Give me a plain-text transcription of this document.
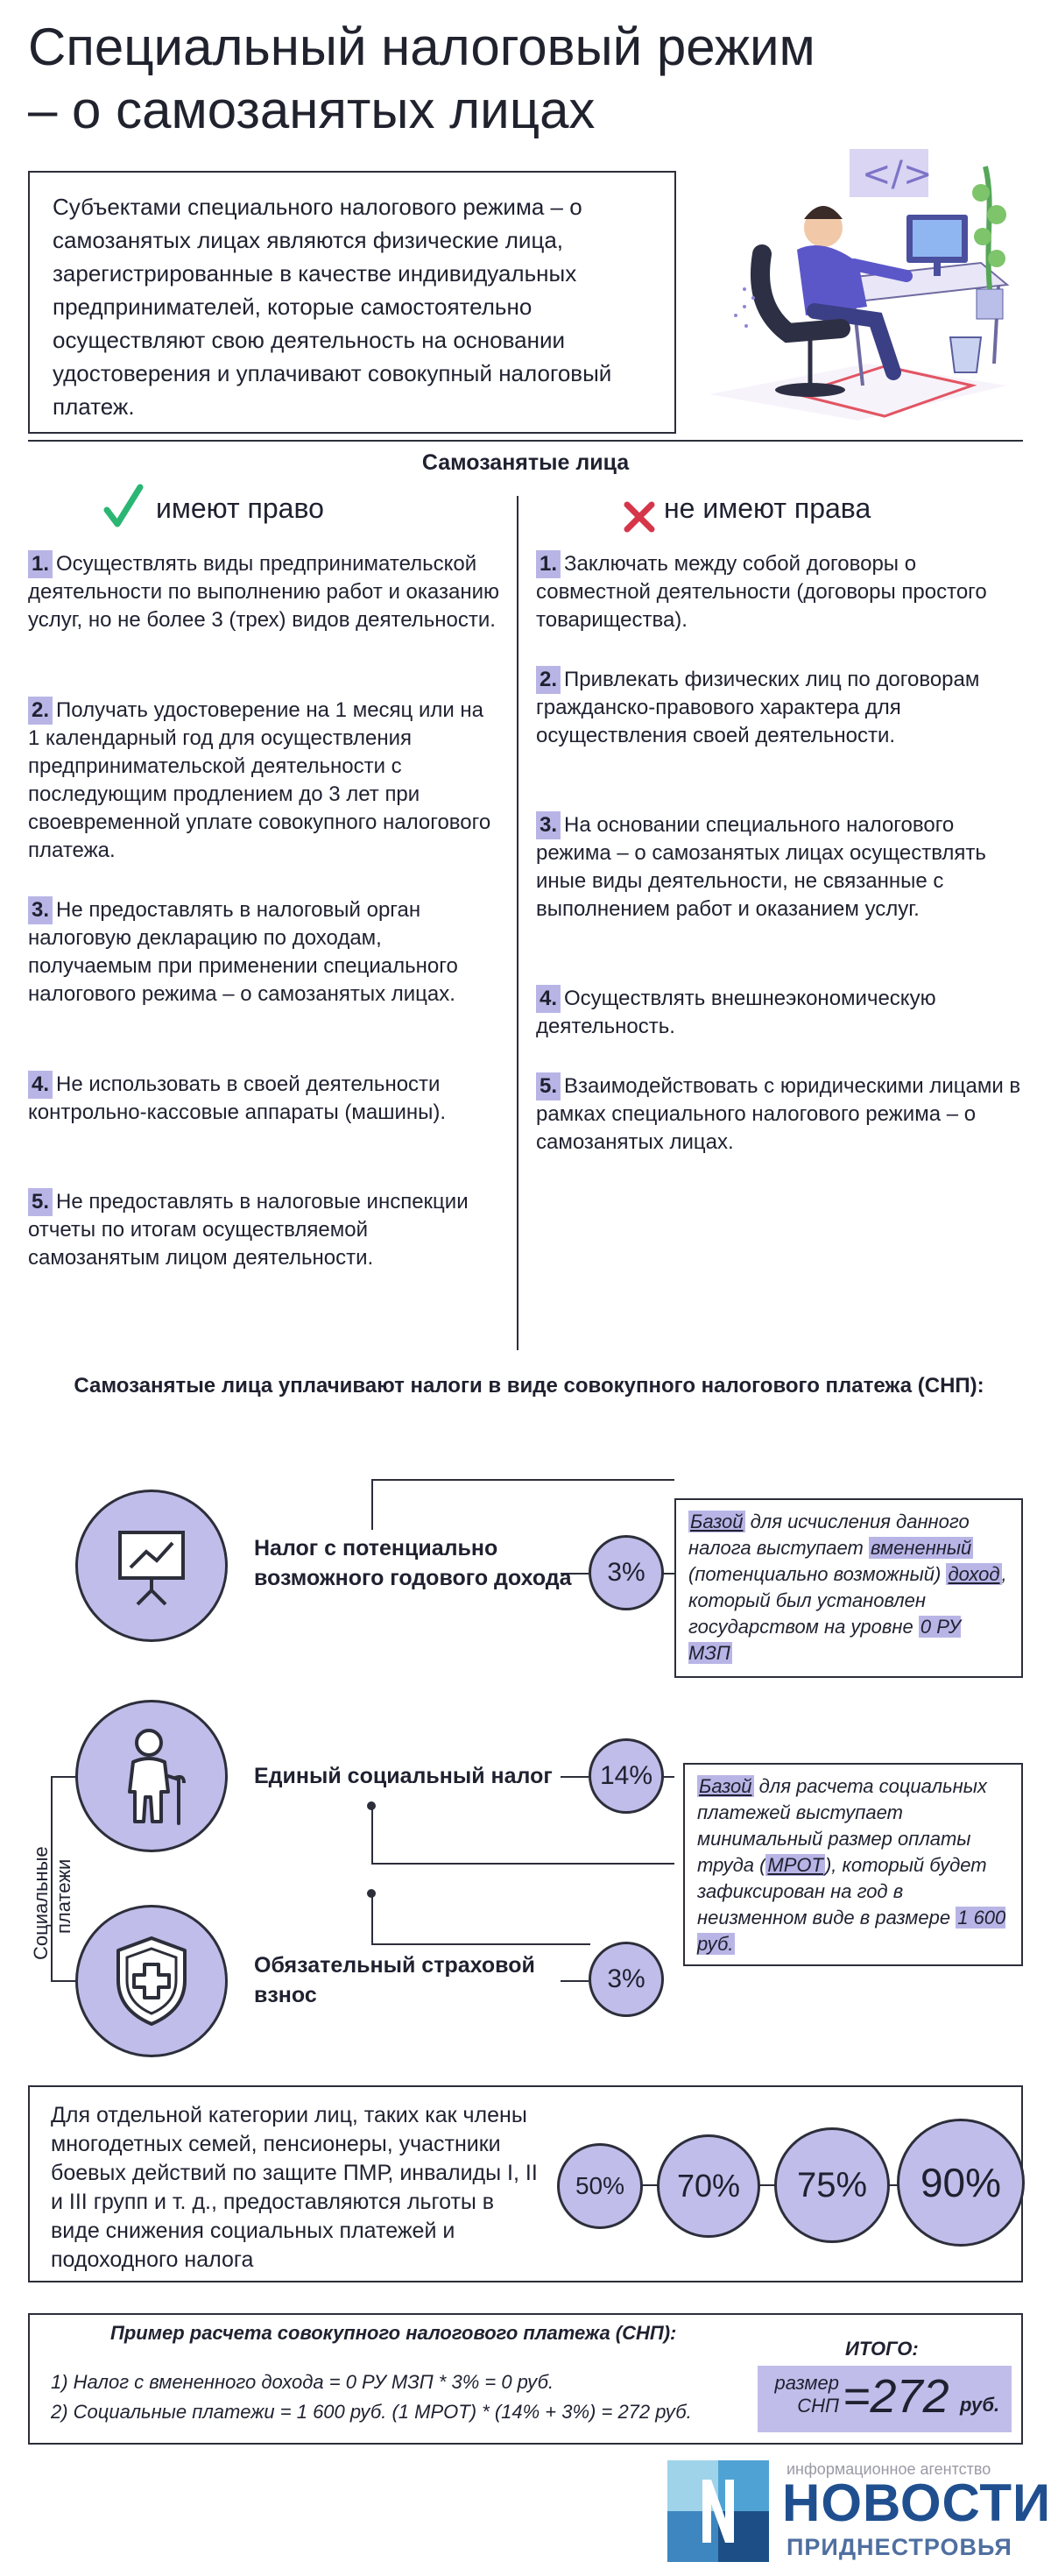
Специальный налоговый режим
– о самозанятых лицах
Субъектами специального налогового режима – о самозанятых лицах являются физические лица, зарегистрированные в качестве индивидуальных предпринимателей, которые самостоятельно осуществляют свою деятельность на основании удостоверения и уплачивают совокупный налоговый платеж.
</>
Самозанятые лица
имеют право	не имеют права
1. Осуществлять виды предпринимательской деятельности по выполнению работ и оказанию услуг, но не более 3 (трех) видов деятельности.
2. Получать удостоверение на 1 месяц или на 1 календарный год для осуществления предпринимательской деятельности с последующим продлением до 3 лет при своевременной уплате совокупного налогового платежа.
3. Не предоставлять в налоговый орган налоговую декларацию по доходам, получаемым при применении специального налогового режима – о самозанятых лицах.
4. Не использовать в своей деятельности контрольно-кассовые аппараты (машины).
5. Не предоставлять в налоговые инспекции отчеты по итогам осуществляемой самозанятым лицом деятельности.
1. Заключать между собой договоры о совместной деятельности (договоры простого товарищества).
2. Привлекать физических лиц по договорам гражданско-правового характера для осуществления своей деятельности.
3. На основании специального налогового режима – о самозанятых лицах осуществлять иные виды деятельности, не связанные с выполнением работ и оказанием услуг.
4. Осуществлять внешнеэкономическую деятельность.
5. Взаимодействовать с юридическими лицами в рамках специального налогового режима – о самозанятых лицах.
Самозанятые лица уплачивают налоги в виде совокупного налогового платежа (СНП):
Социальные платежи
Налог с потенциально возможного годового дохода	3%
Базой для исчисления данного налога выступает вмененный (потенциально возможный) доход, который был установлен государством на уровне 0 РУ МЗП
Единый социальный налог	14%	Базой для расчета социальных платежей выступает минимальный размер оплаты труда (МРОТ), который будет зафиксирован на год в неизменном виде в размере 1 600 руб.
Обязательный страховой взнос
3%
Для отдельной категории лиц, таких как члены многодетных семей, пенсионеры, участники боевых действий по защите ПМР, инвалиды I, II и III групп и т. д., предоставляются льготы в виде снижения социальных платежей и подоходного налога
50%	70%	75%	90%
Пример расчета совокупного налогового платежа (СНП):
1) Налог с вмененного дохода = 0 РУ МЗП * 3% = 0 руб.
2) Социальные платежи = 1 600 руб. (1 МРОТ) * (14% + 3%) = 272 руб.
ИТОГО:
размер
СНП =272 руб.
информационное агентство
НОВОСТИ
ПРИДНЕСТРОВЬЯ
